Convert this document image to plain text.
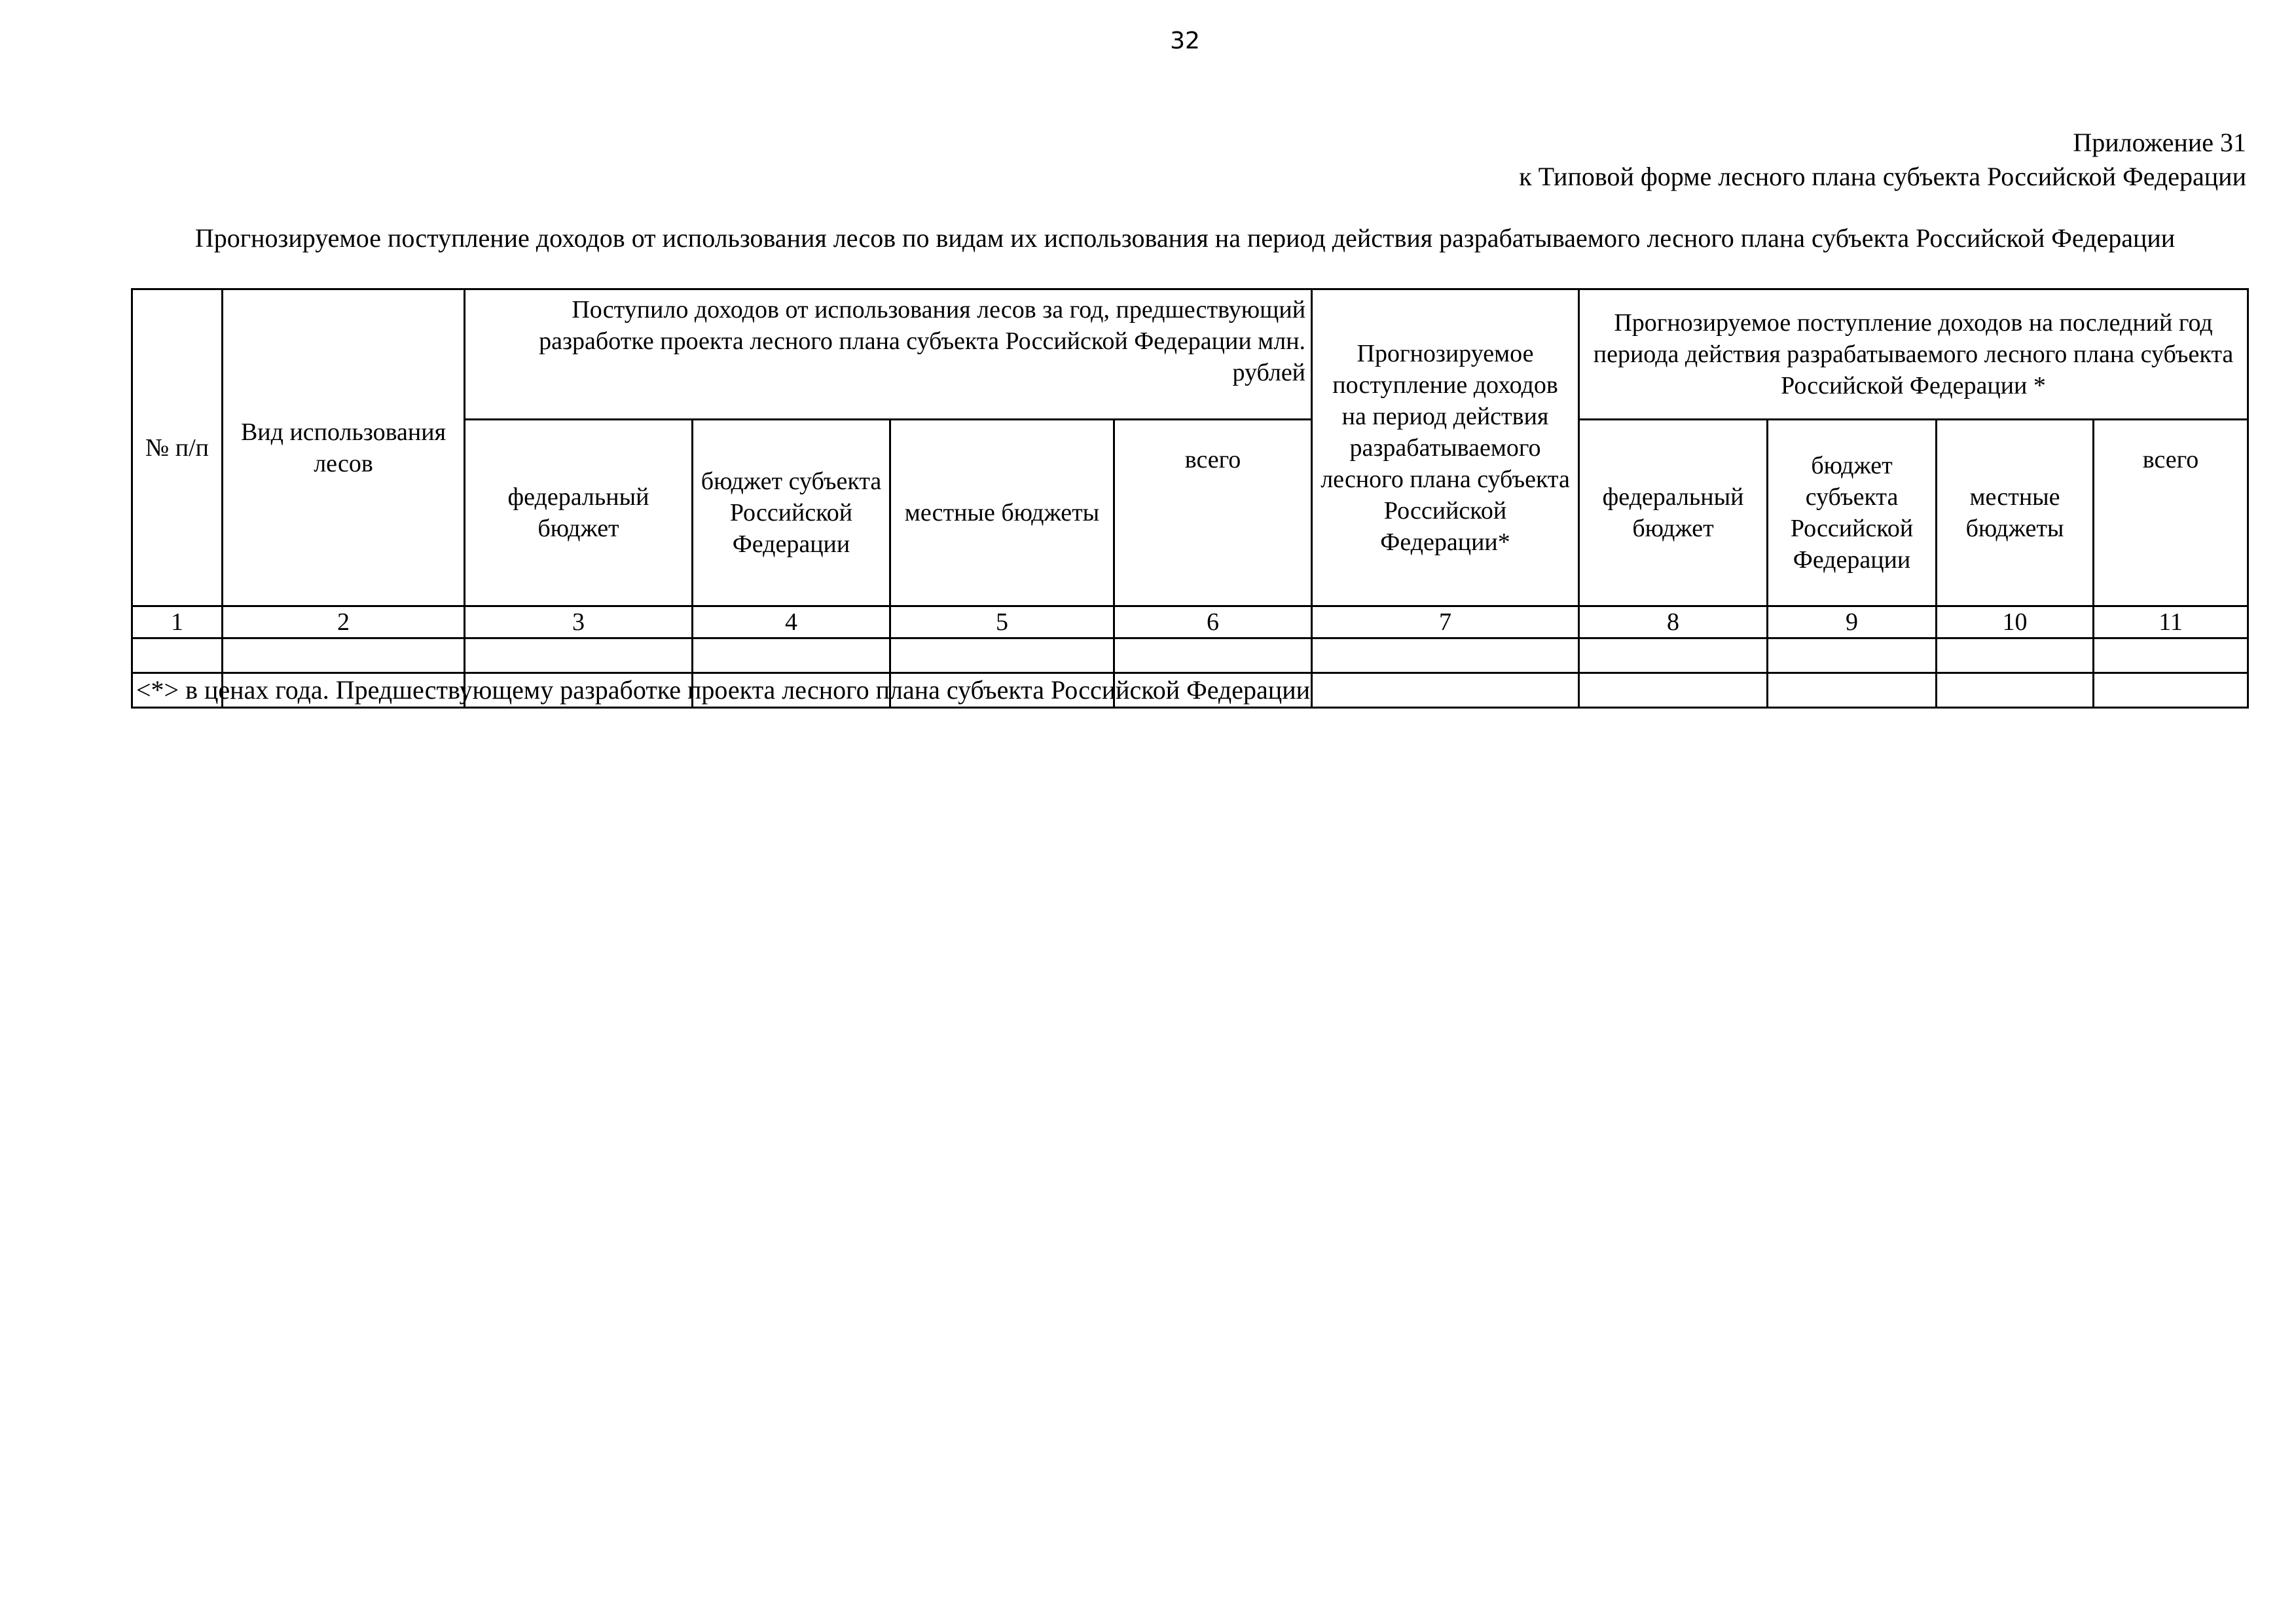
32
Приложение 31
к Типовой форме лесного плана субъекта Российской Федерации
Прогнозируемое поступление доходов от использования лесов по видам их использования на период действия разрабатываемого лесного плана субъекта Российской Федерации
№ п/п	Вид использования лесов	Поступило доходов от использования лесов за год, предшествующий разработке проекта лесного плана субъекта Российской Федерации млн. рублей				Прогнозируемое поступление доходов на период действия разрабатываемого лесного плана субъекта Российской Федерации*	Прогнозируемое поступление доходов на последний год периода действия разрабатываемого лесного плана субъекта Российской Федерации *			
		федеральный бюджет	бюджет субъекта Российской Федерации	местные бюджеты	всего		федеральный бюджет	бюджет субъекта Российской Федерации	местные бюджеты	всего
1	2	3	4	5	6	7	8	9	10	11

<*> в ценах года. Предшествующему разработке проекта лесного плана субъекта Российской Федерации
